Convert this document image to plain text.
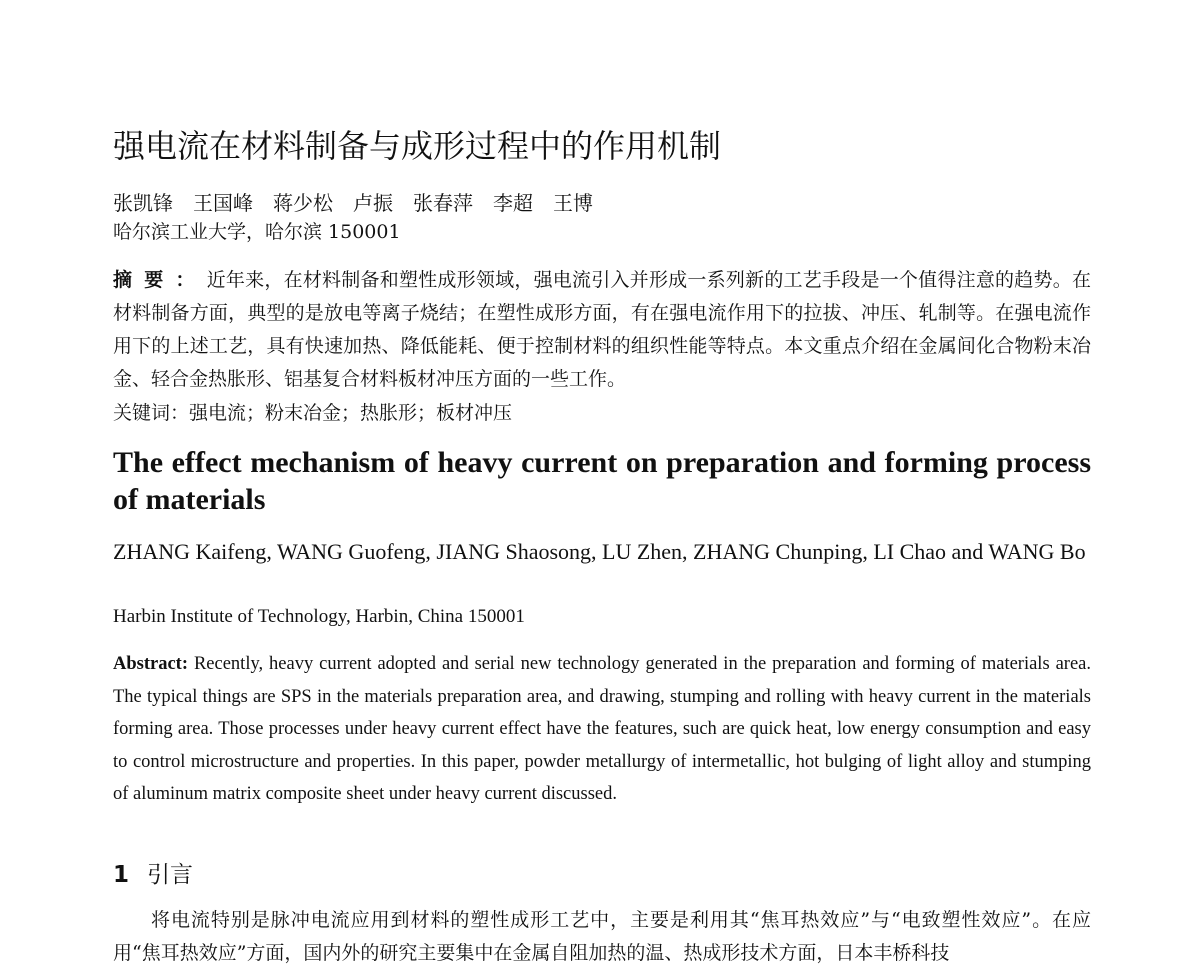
强电流在材料制备与成形过程中的作用机制
张凯锋　王国峰　蒋少松　卢振　张春萍　李超　王博
哈尔滨工业大学，哈尔滨 150001
摘要：近年来，在材料制备和塑性成形领域，强电流引入并形成一系列新的工艺手段是一个值得注意的趋势。在材料制备方面，典型的是放电等离子烧结；在塑性成形方面，有在强电流作用下的拉拔、冲压、轧制等。在强电流作用下的上述工艺，具有快速加热、降低能耗、便于控制材料的组织性能等特点。本文重点介绍在金属间化合物粉末冶金、轻合金热胀形、铝基复合材料板材冲压方面的一些工作。
关键词：强电流；粉末冶金；热胀形；板材冲压
The effect mechanism of heavy current on preparation and forming process of materials
ZHANG Kaifeng, WANG Guofeng, JIANG Shaosong, LU Zhen, ZHANG Chunping, LI Chao and WANG Bo
Harbin Institute of Technology, Harbin, China 150001
Abstract: Recently, heavy current adopted and serial new technology generated in the preparation and forming of materials area. The typical things are SPS in the materials preparation area, and drawing, stumping and rolling with heavy current in the materials forming area. Those processes under heavy current effect have the features, such are quick heat, low energy consumption and easy to control microstructure and properties. In this paper, powder metallurgy of intermetallic, hot bulging of light alloy and stumping of aluminum matrix composite sheet under heavy current discussed.
1 引言
将电流特别是脉冲电流应用到材料的塑性成形工艺中，主要是利用其“焦耳热效应”与“电致塑性效应”。在应用“焦耳热效应”方面，国内外的研究主要集中在金属自阻加热的温、热成形技术方面，日本丰桥科技
